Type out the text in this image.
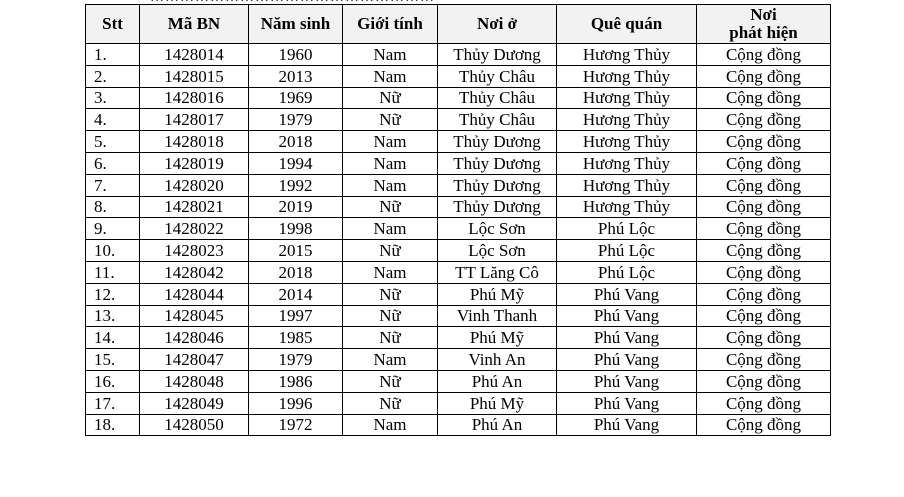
Stt	Mã BN	Năm sinh	Giới tính	Nơi ở	Quê quán	Nơi
phát hiện
1.	1428014	1960	Nam	Thủy Dương	Hương Thủy	Cộng đồng
2.	1428015	2013	Nam	Thủy Châu	Hương Thủy	Cộng đồng
3.	1428016	1969	Nữ	Thủy Châu	Hương Thủy	Cộng đồng
4.	1428017	1979	Nữ	Thủy Châu	Hương Thủy	Cộng đồng
5.	1428018	2018	Nam	Thủy Dương	Hương Thủy	Cộng đồng
6.	1428019	1994	Nam	Thủy Dương	Hương Thủy	Cộng đồng
7.	1428020	1992	Nam	Thủy Dương	Hương Thủy	Cộng đồng
8.	1428021	2019	Nữ	Thủy Dương	Hương Thủy	Cộng đồng
9.	1428022	1998	Nam	Lộc Sơn	Phú Lộc	Cộng đồng
10.	1428023	2015	Nữ	Lộc Sơn	Phú Lộc	Cộng đồng
11.	1428042	2018	Nam	TT Lăng Cô	Phú Lộc	Cộng đồng
12.	1428044	2014	Nữ	Phú Mỹ	Phú Vang	Cộng đồng
13.	1428045	1997	Nữ	Vinh Thanh	Phú Vang	Cộng đồng
14.	1428046	1985	Nữ	Phú Mỹ	Phú Vang	Cộng đồng
15.	1428047	1979	Nam	Vinh An	Phú Vang	Cộng đồng
16.	1428048	1986	Nữ	Phú An	Phú Vang	Cộng đồng
17.	1428049	1996	Nữ	Phú Mỹ	Phú Vang	Cộng đồng
18.	1428050	1972	Nam	Phú An	Phú Vang	Cộng đồng
